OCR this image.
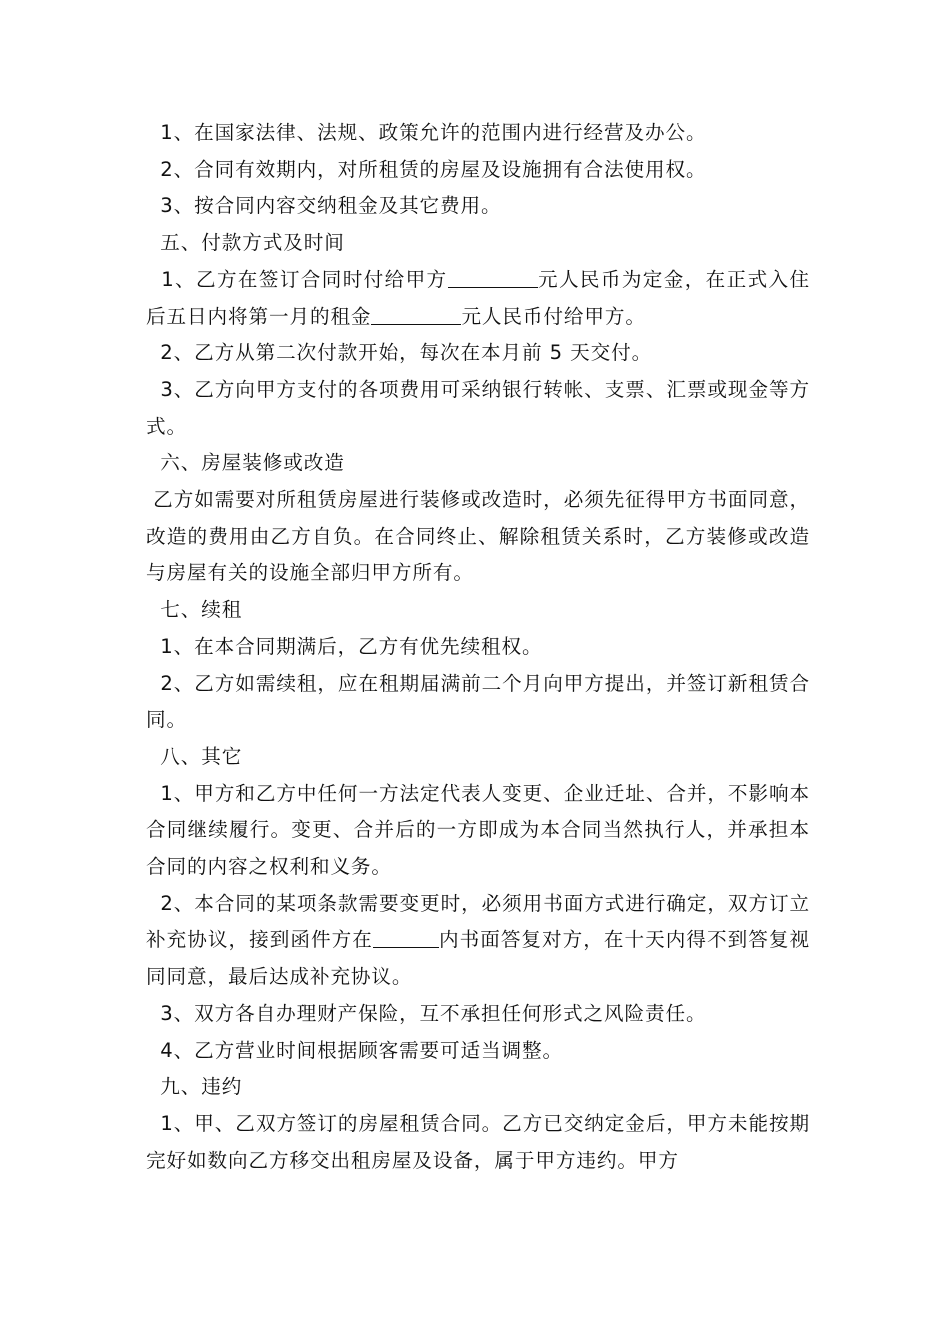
1、在国家法律、法规、政策允许的范围内进行经营及办公。

2、合同有效期内，对所租赁的房屋及设施拥有合法使用权。

3、按合同内容交纳租金及其它费用。

五、付款方式及时间

1、乙方在签订合同时付给甲方	元人民币为定金，在正式入住后五日内将第一月的租金	元人民币付给甲方。

2、乙方从第二次付款开始，每次在本月前 5 天交付。

3、乙方向甲方支付的各项费用可采纳银行转帐、支票、汇票或现金等方式。

六、房屋装修或改造

乙方如需要对所租赁房屋进行装修或改造时，必须先征得甲方书面同意，改造的费用由乙方自负。在合同终止、解除租赁关系时，乙方装修或改造与房屋有关的设施全部归甲方所有。

七、续租

1、在本合同期满后，乙方有优先续租权。

2、乙方如需续租，应在租期届满前二个月向甲方提出，并签订新租赁合同。

八、其它

1、甲方和乙方中任何一方法定代表人变更、企业迁址、合并，不影响本合同继续履行。变更、合并后的一方即成为本合同当然执行人，并承担本合同的内容之权利和义务。

2、本合同的某项条款需要变更时，必须用书面方式进行确定，双方订立补充协议，接到函件方在	内书面答复对方，在十天内得不到答复视同同意，最后达成补充协议。

3、双方各自办理财产保险，互不承担任何形式之风险责任。

4、乙方营业时间根据顾客需要可适当调整。

九、违约

1、甲、乙双方签订的房屋租赁合同。乙方已交纳定金后，甲方未能按期完好如数向乙方移交出租房屋及设备，属于甲方违约。甲方
